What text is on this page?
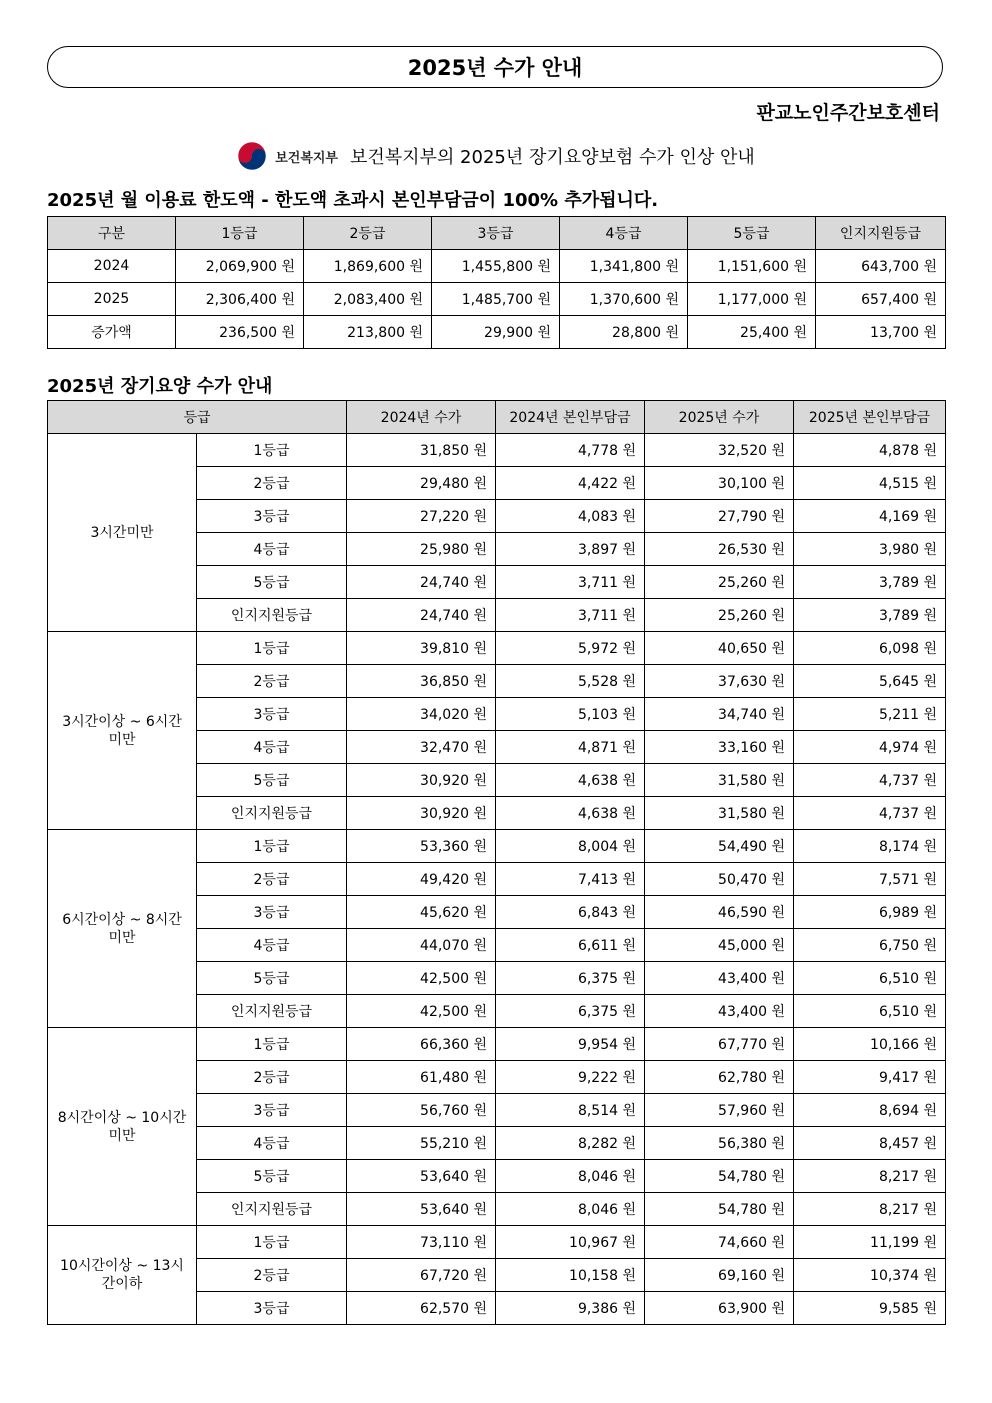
2025년 수가 안내
판교노인주간보호센터
보건복지부 보건복지부의 2025년 장기요양보험 수가 인상 안내
2025년 월 이용료 한도액 - 한도액 초과시 본인부담금이 100% 추가됩니다.
구분	1등급	2등급	3등급	4등급	5등급	인지지원등급
2024	2,069,900 원	1,869,600 원	1,455,800 원	1,341,800 원	1,151,600 원	643,700 원
2025	2,306,400 원	2,083,400 원	1,485,700 원	1,370,600 원	1,177,000 원	657,400 원
증가액	236,500 원	213,800 원	29,900 원	28,800 원	25,400 원	13,700 원
2025년 장기요양 수가 안내
등급		2024년 수가	2024년 본인부담금	2025년 수가	2025년 본인부담금
3시간미만	1등급	31,850 원	4,778 원	32,520 원	4,878 원
	2등급	29,480 원	4,422 원	30,100 원	4,515 원
	3등급	27,220 원	4,083 원	27,790 원	4,169 원
	4등급	25,980 원	3,897 원	26,530 원	3,980 원
	5등급	24,740 원	3,711 원	25,260 원	3,789 원
	인지지원등급	24,740 원	3,711 원	25,260 원	3,789 원
3시간이상 ~ 6시간미만	1등급	39,810 원	5,972 원	40,650 원	6,098 원
	2등급	36,850 원	5,528 원	37,630 원	5,645 원
	3등급	34,020 원	5,103 원	34,740 원	5,211 원
	4등급	32,470 원	4,871 원	33,160 원	4,974 원
	5등급	30,920 원	4,638 원	31,580 원	4,737 원
	인지지원등급	30,920 원	4,638 원	31,580 원	4,737 원
6시간이상 ~ 8시간미만	1등급	53,360 원	8,004 원	54,490 원	8,174 원
	2등급	49,420 원	7,413 원	50,470 원	7,571 원
	3등급	45,620 원	6,843 원	46,590 원	6,989 원
	4등급	44,070 원	6,611 원	45,000 원	6,750 원
	5등급	42,500 원	6,375 원	43,400 원	6,510 원
	인지지원등급	42,500 원	6,375 원	43,400 원	6,510 원
8시간이상 ~ 10시간미만	1등급	66,360 원	9,954 원	67,770 원	10,166 원
	2등급	61,480 원	9,222 원	62,780 원	9,417 원
	3등급	56,760 원	8,514 원	57,960 원	8,694 원
	4등급	55,210 원	8,282 원	56,380 원	8,457 원
	5등급	53,640 원	8,046 원	54,780 원	8,217 원
	인지지원등급	53,640 원	8,046 원	54,780 원	8,217 원
10시간이상 ~ 13시간이하	1등급	73,110 원	10,967 원	74,660 원	11,199 원
	2등급	67,720 원	10,158 원	69,160 원	10,374 원
	3등급	62,570 원	9,386 원	63,900 원	9,585 원
